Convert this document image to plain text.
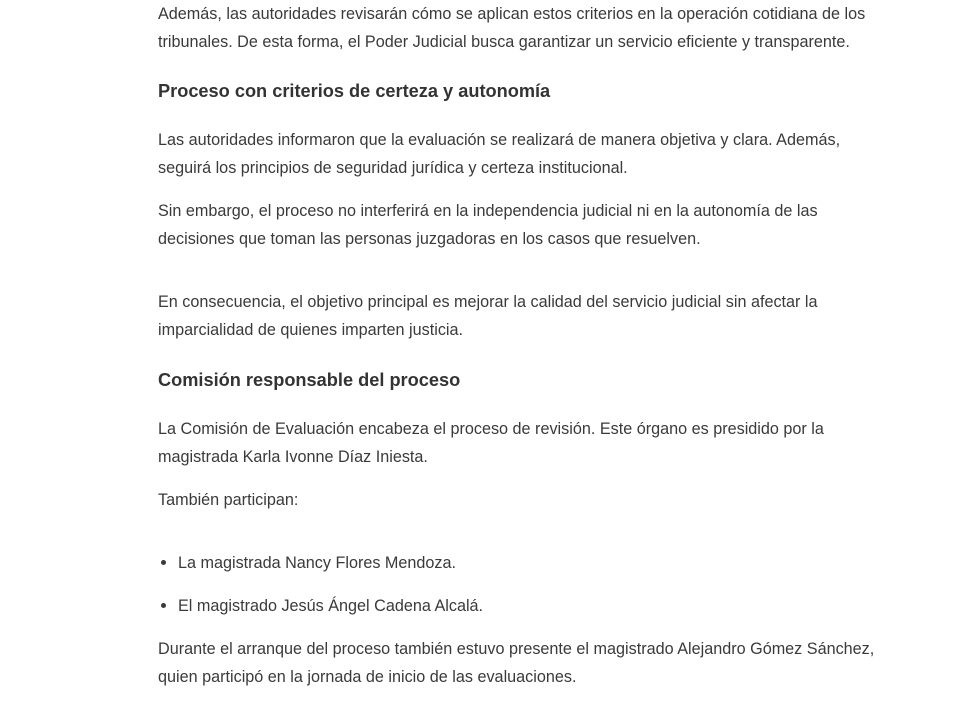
Además, las autoridades revisarán cómo se aplican estos criterios en la operación cotidiana de los tribunales. De esta forma, el Poder Judicial busca garantizar un servicio eficiente y transparente.

Proceso con criterios de certeza y autonomía

Las autoridades informaron que la evaluación se realizará de manera objetiva y clara. Además, seguirá los principios de seguridad jurídica y certeza institucional.

Sin embargo, el proceso no interferirá en la independencia judicial ni en la autonomía de las decisiones que toman las personas juzgadoras en los casos que resuelven.

En consecuencia, el objetivo principal es mejorar la calidad del servicio judicial sin afectar la imparcialidad de quienes imparten justicia.

Comisión responsable del proceso

La Comisión de Evaluación encabeza el proceso de revisión. Este órgano es presidido por la magistrada Karla Ivonne Díaz Iniesta.

También participan:

La magistrada Nancy Flores Mendoza.
El magistrado Jesús Ángel Cadena Alcalá.

Durante el arranque del proceso también estuvo presente el magistrado Alejandro Gómez Sánchez, quien participó en la jornada de inicio de las evaluaciones.
